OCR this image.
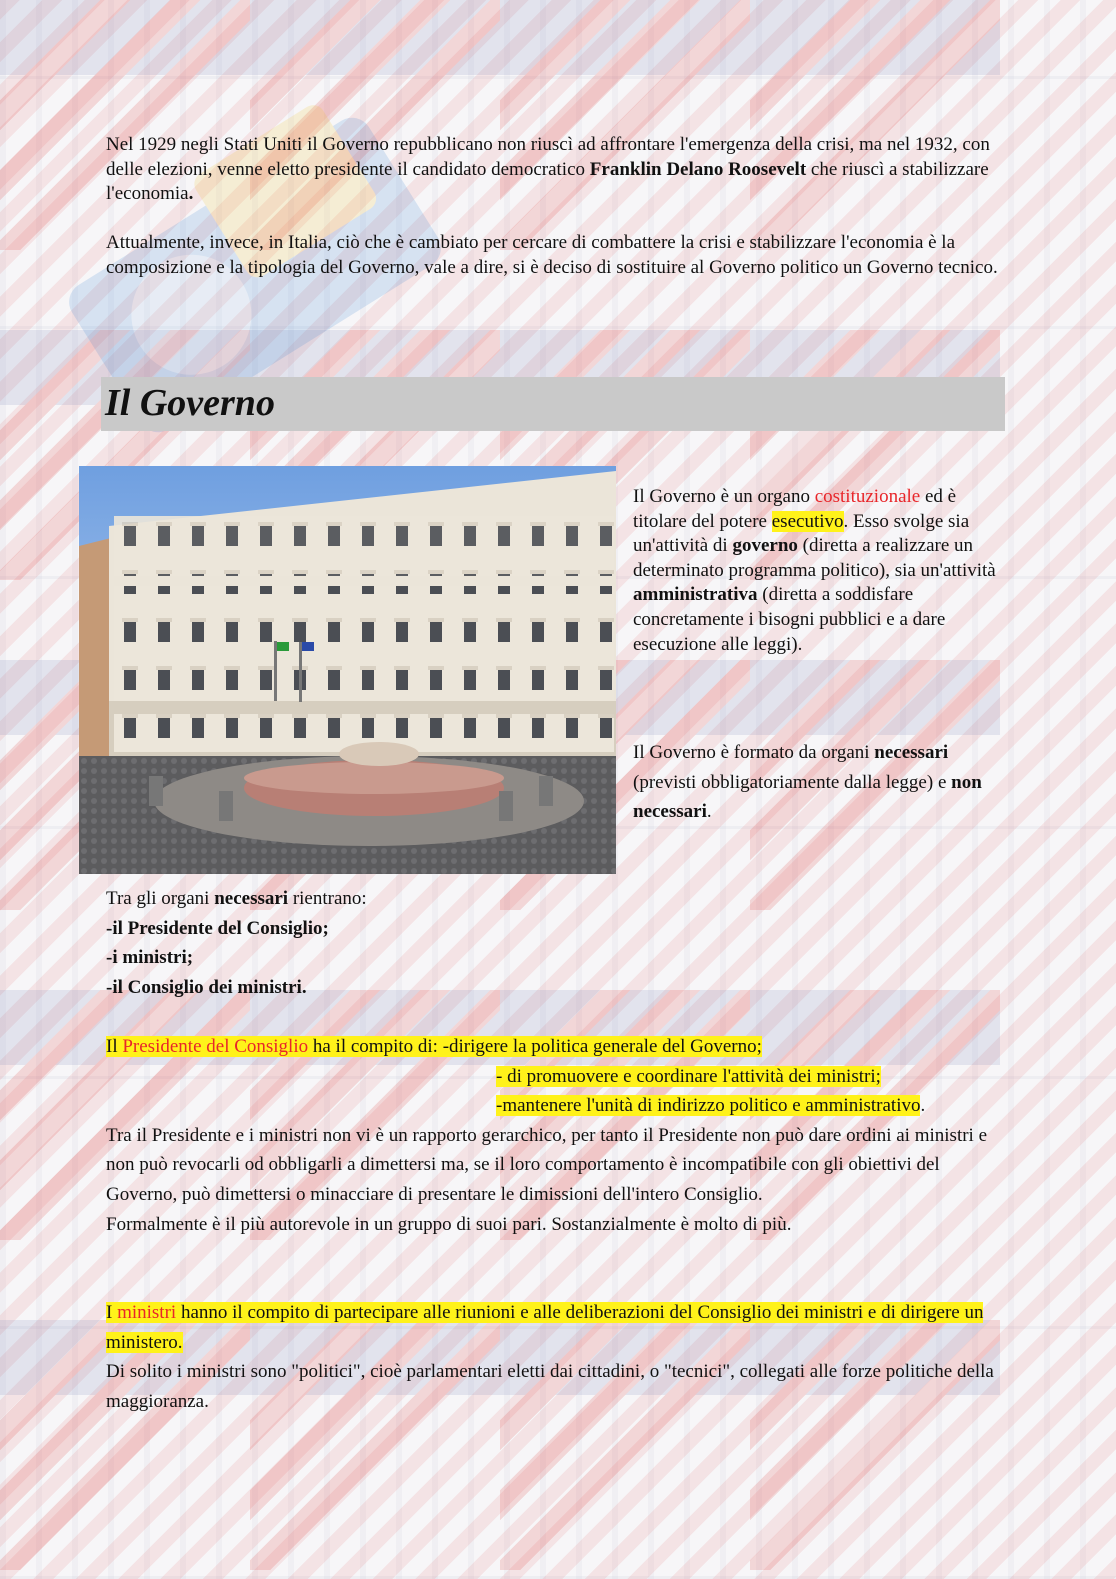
Nel 1929 negli Stati Uniti il Governo repubblicano non riuscì ad affrontare l'emergenza della crisi, ma nel 1932, con delle elezioni, venne eletto presidente il candidato democratico Franklin Delano Roosevelt che riuscì a stabilizzare l'economia.

Attualmente, invece, in Italia, ciò che è cambiato per cercare di combattere la crisi e stabilizzare l'economia è la composizione e la tipologia del Governo, vale a dire, si è deciso di sostituire al Governo politico un Governo tecnico.

Il Governo

Il Governo è un organo costituzionale ed è titolare del potere esecutivo. Esso svolge sia un'attività di governo (diretta a realizzare un determinato programma politico), sia un'attività amministrativa (diretta a soddisfare concretamente i bisogni pubblici e a dare esecuzione alle leggi).

Il Governo è formato da organi necessari (previsti obbligatoriamente dalla legge) e non necessari.

Tra gli organi necessari rientrano:
-il Presidente del Consiglio;
-i ministri;
-il Consiglio dei ministri.
Il Presidente del Consiglio ha il compito di: -dirigere la politica generale del Governo;
- di promuovere e coordinare l'attività dei ministri;
-mantenere l'unità di indirizzo politico e amministrativo.
Tra il Presidente e i ministri non vi è un rapporto gerarchico, per tanto il Presidente non può dare ordini ai ministri e non può revocarli od obbligarli a dimettersi ma, se il loro comportamento è incompatibile con gli obiettivi del Governo, può dimettersi o minacciare di presentare le dimissioni dell'intero Consiglio.
Formalmente è il più autorevole in un gruppo di suoi pari. Sostanzialmente è molto di più.
I ministri hanno il compito di partecipare alle riunioni e alle deliberazioni del Consiglio dei ministri e di dirigere un ministero.
Di solito i ministri sono "politici", cioè parlamentari eletti dai cittadini, o "tecnici", collegati alle forze politiche della maggioranza.
